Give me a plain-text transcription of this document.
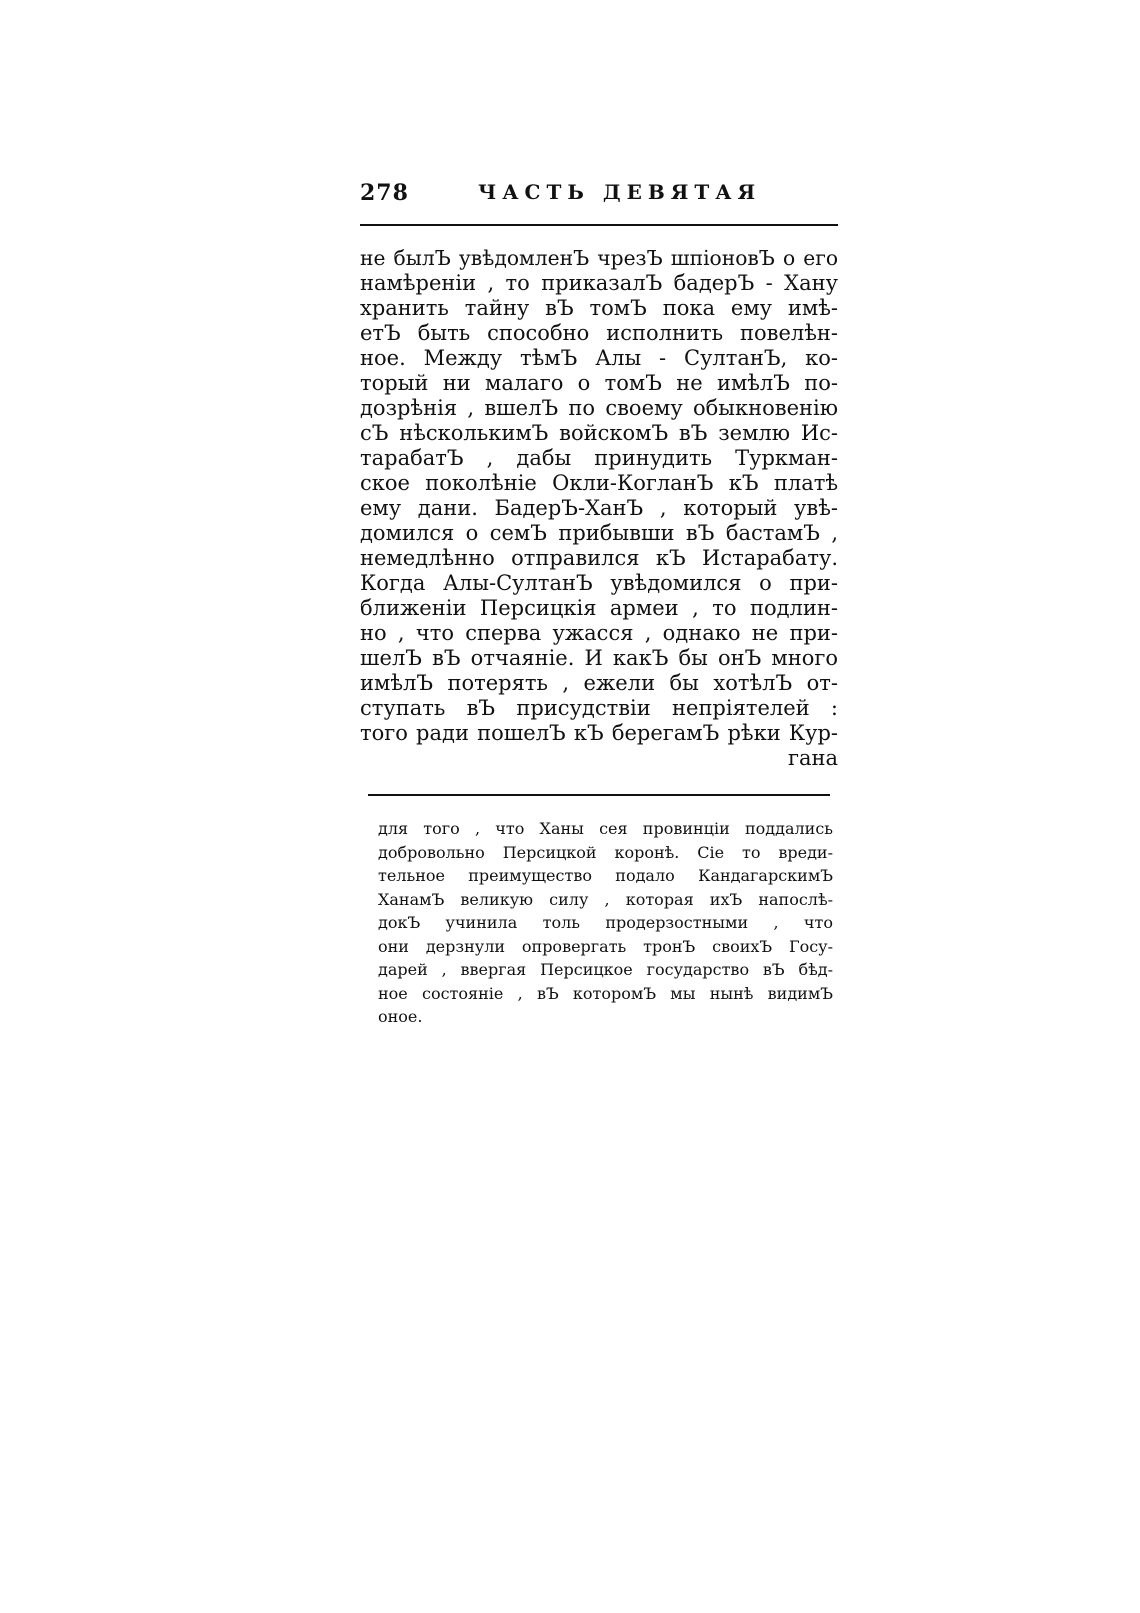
278	ЧАСТЬ ДЕВЯТАЯ
не былЪ увѣдомленЪ чрезЪ шпіоновЪ о его
намѣреніи , то приказалЪ бадерЪ - Хану
хранить тайну вЪ томЪ пока ему имѣ-
етЪ быть способно исполнить повелѣн-
ное. Между тѣмЪ Алы - СултанЪ, ко-
торый ни малаго о томЪ не имѣлЪ по-
дозрѣнія , вшелЪ по своему обыкновенію
сЪ нѣсколькимЪ войскомЪ вЪ землю Ис-
тарабатЪ , дабы принудить Туркман-
ское поколѣніе Окли-КогланЪ кЪ платѣ
ему дани. БадерЪ-ХанЪ , который увѣ-
домился о семЪ прибывши вЪ бастамЪ ,
немедлѣнно отправился кЪ Истарабату.
Когда Алы-СултанЪ увѣдомился о при-
ближеніи Персицкія армеи , то подлин-
но , что сперва ужасся , однако не при-
шелЪ вЪ отчаяніе. И какЪ бы онЪ много
имѣлЪ потерять , ежели бы хотѣлЪ от-
ступать вЪ присудствіи непріятелей :
того ради пошелЪ кЪ берегамЪ рѣки Кур-
гана
для того , что Ханы сея провинціи поддались
добровольно Персицкой коронѣ. Сіе то вреди-
тельное преимущество подало КандагарскимЪ
ХанамЪ великую силу , которая ихЪ напослѣ-
докЪ учинила толь продерзостными , что
они дерзнули опровергать тронЪ своихЪ Госу-
дарей , ввергая Персицкое государство вЪ бѣд-
ное состояніе , вЪ которомЪ мы нынѣ видимЪ
оное.
